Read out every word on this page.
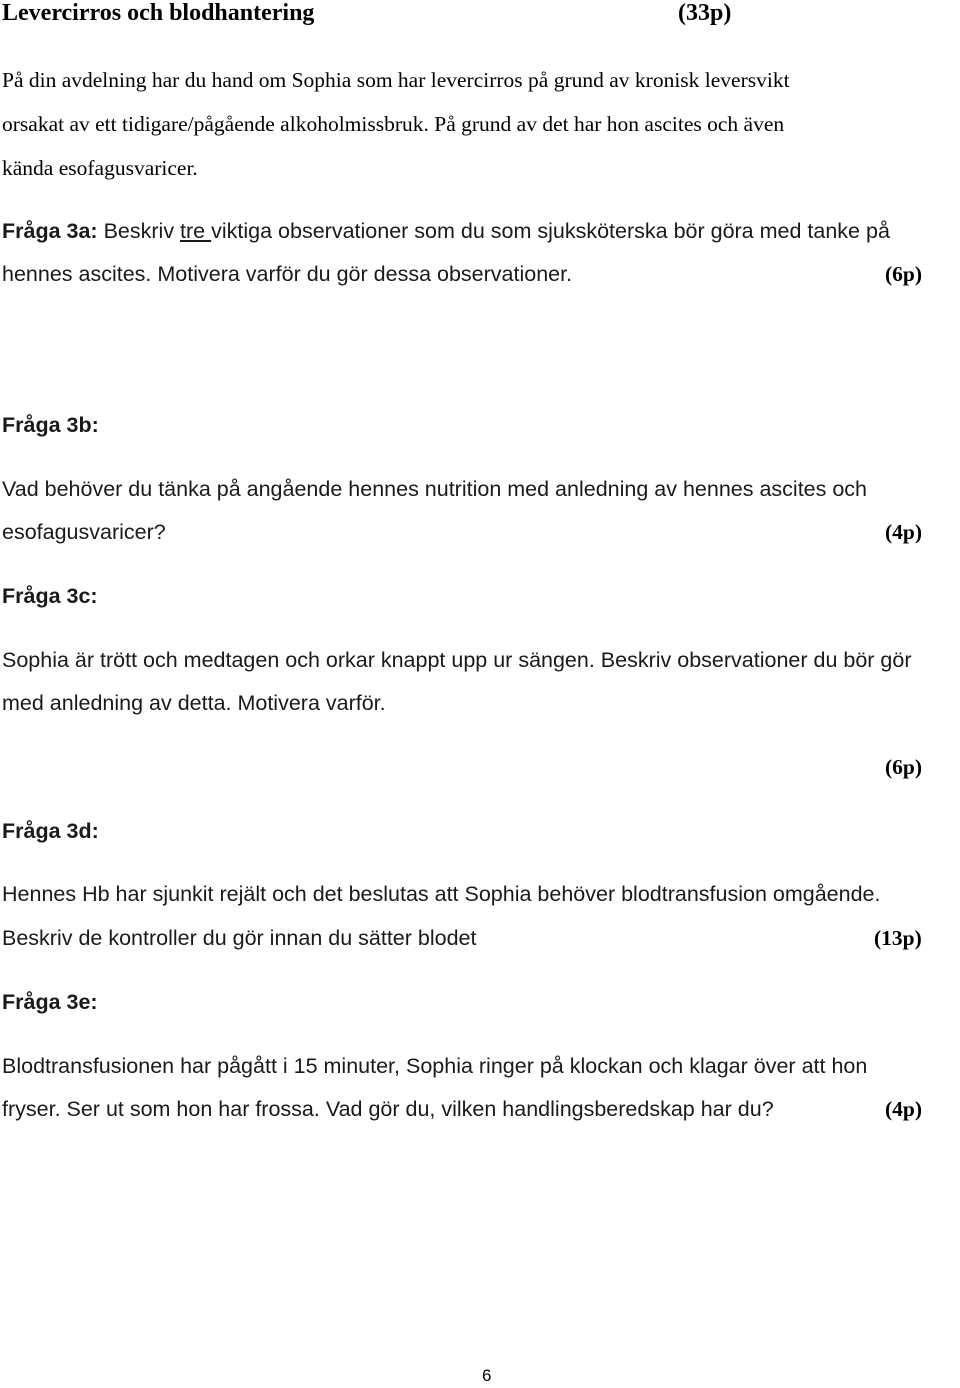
Levercirros och blodhantering	(33p)
På din avdelning har du hand om Sophia som har levercirros på grund av kronisk leversvikt
orsakat av ett tidigare/pågående alkoholmissbruk. På grund av det har hon ascites och även
kända esofagusvaricer.
Fråga 3a: Beskriv tre viktiga observationer som du som sjuksköterska bör göra med tanke på
hennes ascites. Motivera varför du gör dessa observationer.	(6p)
Fråga 3b:
Vad behöver du tänka på angående hennes nutrition med anledning av hennes ascites och
esofagusvaricer?	(4p)
Fråga 3c:
Sophia är trött och medtagen och orkar knappt upp ur sängen. Beskriv observationer du bör gör
med anledning av detta. Motivera varför.
(6p)
Fråga 3d:
Hennes Hb har sjunkit rejält och det beslutas att Sophia behöver blodtransfusion omgående.
Beskriv de kontroller du gör innan du sätter blodet	(13p)
Fråga 3e:
Blodtransfusionen har pågått i 15 minuter, Sophia ringer på klockan och klagar över att hon
fryser. Ser ut som hon har frossa. Vad gör du, vilken handlingsberedskap har du?	(4p)
6
